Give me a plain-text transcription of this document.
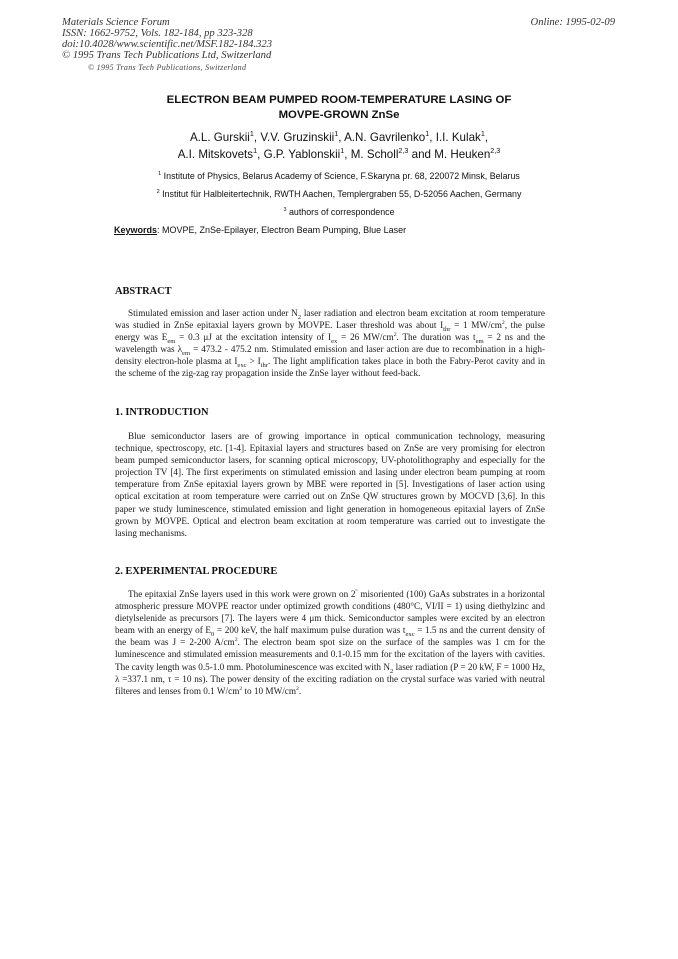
Materials Science Forum
ISSN: 1662-9752, Vols. 182-184, pp 323-328
doi:10.4028/www.scientific.net/MSF.182-184.323
© 1995 Trans Tech Publications Ltd, Switzerland
Online: 1995-02-09
© 1995 Trans Tech Publications, Switzerland
ELECTRON BEAM PUMPED ROOM-TEMPERATURE LASING OF
MOVPE-GROWN ZnSe
A.L. Gurskii$^1$, V.V. Gruzinskii$^1$, A.N. Gavrilenko$^1$, I.I. Kulak$^1$,
A.I. Mitskovets$^1$, G.P. Yablonskii$^1$, M. Scholl$^{2,3}$ and M. Heuken$^{2,3}$
$^1$ Institute of Physics, Belarus Academy of Science, F.Skaryna pr. 68, 220072 Minsk, Belarus
$^2$ Institut für Halbleitertechnik, RWTH Aachen, Templergraben 55, D-52056 Aachen, Germany
$^3$ authors of correspondence
Keywords: MOVPE, ZnSe-Epilayer, Electron Beam Pumping, Blue Laser
ABSTRACT
Stimulated emission and laser action under $N_2$ laser radiation and electron beam excitation at room temperature was studied in ZnSe epitaxial layers grown by MOVPE. Laser threshold was about $I_{thr} = 1$ $MW/cm^2$, the pulse energy was $E_{em} = 0.3$ μJ at the excitation intensity of $I_{ex} = 26$ $MW/cm^2$. The duration was $t_{em} = 2$ ns and the wavelength was $\lambda_{em} = 473.2 - 475.2$ nm. Stimulated emission and laser action are due to recombination in a high-density electron-hole plasma at $I_{exc} > I_{thr}$. The light amplification takes place in both the Fabry-Perot cavity and in the scheme of the zig-zag ray propagation inside the ZnSe layer without feed-back.
1. INTRODUCTION
Blue semiconductor lasers are of growing importance in optical communication technology, measuring technique, spectroscopy, etc. [1-4]. Epitaxial layers and structures based on ZnSe are very promising for electron beam pumped semiconductor lasers, for scanning optical microscopy, UV-photolithography and especially for the projection TV [4]. The first experiments on stimulated emission and lasing under electron beam pumping at room temperature from ZnSe epitaxial layers grown by MBE were reported in [5]. Investigations of laser action using optical excitation at room temperature were carried out on ZnSe QW structures grown by MOCVD [3,6]. In this paper we study luminescence, stimulated emission and light generation in homogeneous epitaxial layers of ZnSe grown by MOVPE. Optical and electron beam excitation at room temperature was carried out to investigate the lasing mechanisms.
2. EXPERIMENTAL PROCEDURE
The epitaxial ZnSe layers used in this work were grown on 2° misoriented (100) GaAs substrates in a horizontal atmospheric pressure MOVPE reactor under optimized growth conditions (480°C, VI/II = 1) using diethylzinc and dietylselenide as precursors [7]. The layers were 4 μm thick. Semiconductor samples were excited by an electron beam with an energy of $E_0 = 200$ keV, the half maximum pulse duration was $t_{exc} = 1.5$ ns and the current density of the beam was J = 2-200 $A/cm^2$. The electron beam spot size on the surface of the samples was 1 cm for the luminescence and stimulated emission measurements and 0.1-0.15 mm for the excitation of the layers with cavities. The cavity length was 0.5-1.0 mm. Photoluminescence was excited with $N_2$ laser radiation (P = 20 kW, F = 1000 Hz, λ =337.1 nm, τ = 10 ns). The power density of the exciting radiation on the crystal surface was varied with neutral filteres and lenses from 0.1 $W/cm^2$ to 10 $MW/cm^2$.
